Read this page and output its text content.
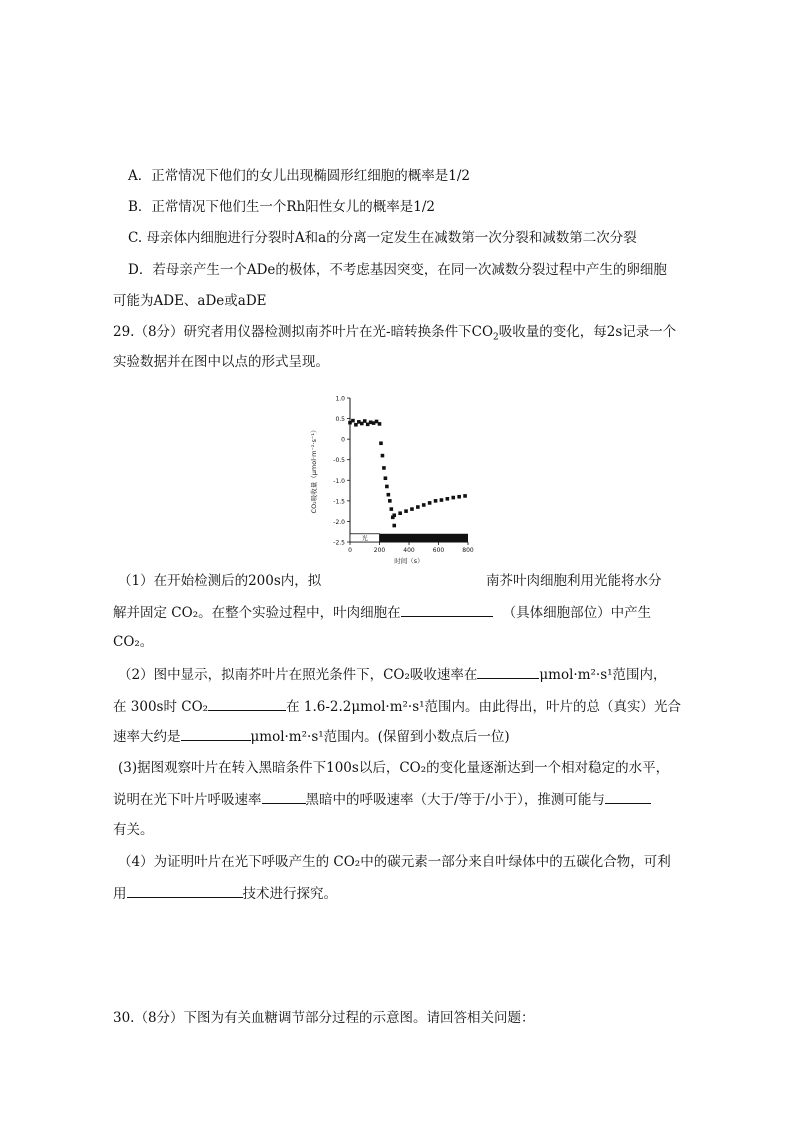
A．正常情况下他们的女儿出现椭圆形红细胞的概率是1/2
B．正常情况下他们生一个Rh阳性女儿的概率是1/2
C. 母亲体内细胞进行分裂时A和a的分离一定发生在减数第一次分裂和减数第二次分裂
D．若母亲产生一个ADe的极体，不考虑基因突变，在同一次减数分裂过程中产生的卵细胞
可能为ADE、aDe或aDE
29.（8分）研究者用仪器检测拟南芥叶片在光-暗转换条件下$CO_2$吸收量的变化，每2s记录一个
实验数据并在图中以点的形式呈现。
1.0
0.5
0
-0.5
-1.0
-1.5
-2.0
-2.5
0	200	400	600	800
光
时间（s）
CO₂吸收量（μmol·m⁻²·s⁻¹）
（1）在开始检测后的200s内，拟	南芥叶肉细胞利用光能将水分
解并固定 CO₂。在整个实验过程中，叶肉细胞在	（具体细胞部位）中产生
CO₂。
（2）图中显示，拟南芥叶片在照光条件下，CO₂吸收速率在	μmol·m²·s¹范围内，
在 300s时 CO₂	在 1.6-2.2μmol·m²·s¹范围内。由此得出，叶片的总（真实）光合
速率大约是	μmol·m²·s¹范围内。(保留到小数点后一位)
(3)据图观察叶片在转入黑暗条件下100s以后，CO₂的变化量逐渐达到一个相对稳定的水平，
说明在光下叶片呼吸速率	黑暗中的呼吸速率（大于/等于/小于），推测可能与
有关。
（4）为证明叶片在光下呼吸产生的 CO₂中的碳元素一部分来自叶绿体中的五碳化合物，可利
用	技术进行探究。
30.（8分）下图为有关血糖调节部分过程的示意图。请回答相关问题：
